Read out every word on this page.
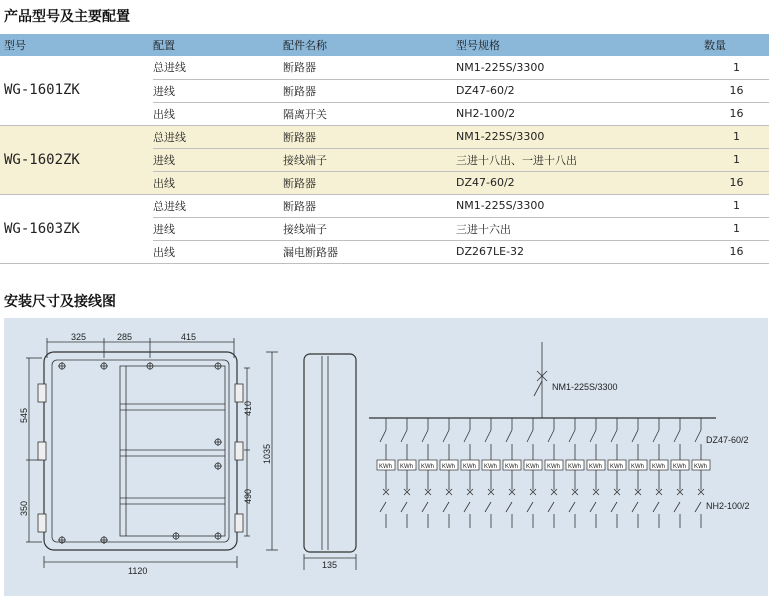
产品型号及主要配置
型号	配置	配件名称	型号规格	数量
WG-1601ZK	总进线	断路器	NM1-225S/3300	1
	进线	断路器	DZ47-60/2	16
	出线	隔离开关	NH2-100/2	16
WG-1602ZK	总进线	断路器	NM1-225S/3300	1
	进线	接线端子	三进十八出、一进十八出	1
	出线	断路器	DZ47-60/2	16
WG-1603ZK	总进线	断路器	NM1-225S/3300	1
	进线	接线端子	三进十六出	1
	出线	漏电断路器	DZ267LE-32	16
安装尺寸及接线图
325	285	415
545
350
410
490
1035
1120
135
NM1-225S/3300
KWh KWh KWh KWh KWh KWh KWh KWh KWh KWh KWh KWh KWh KWh KWh KWh
DZ47-60/2
NH2-100/2
